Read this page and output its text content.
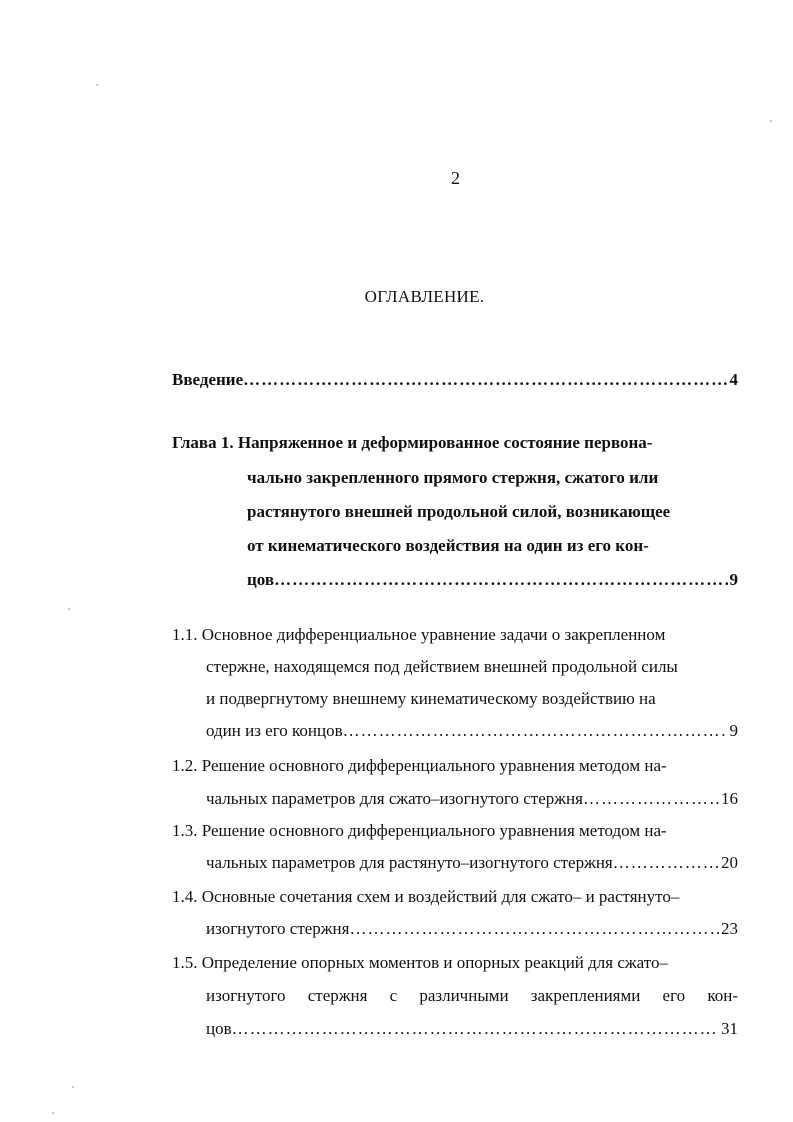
2
ОГЛАВЛЕНИЕ.
Введение ………………………………………………………………………………………………………………………………………………………………	4
Глава 1. Напряженное и деформированное состояние первона-
чально закрепленного прямого стержня, сжатого или
растянутого внешней продольной силой, возникающее
от кинематического воздействия на один из его кон-
цов ………………………………………………………………………………………………………………………………………………………………	9
1.1. Основное дифференциальное уравнение задачи о закрепленном
стержне, находящемся под действием внешней продольной силы
и подвергнутому внешнему кинематическому воздействию на
один из его концов ………………………………………………………………………………………………………………………………………………………………	9
1.2. Решение основного дифференциального уравнения методом на-
чальных параметров для сжато–изогнутого стержня ………………………………………………………………………………………………………………………………………………………………	16
1.3. Решение основного дифференциального уравнения методом на-
чальных параметров для растянуто–изогнутого стержня ………………………………………………………………………………………………………………………………………………………………	20
1.4. Основные сочетания схем и воздействий для сжато– и растянуто–
изогнутого стержня ………………………………………………………………………………………………………………………………………………………………	23
1.5. Определение опорных моментов и опорных реакций для сжато–
изогнутого стержня с различными закреплениями его кон-
цов ………………………………………………………………………………………………………………………………………………………………	31
